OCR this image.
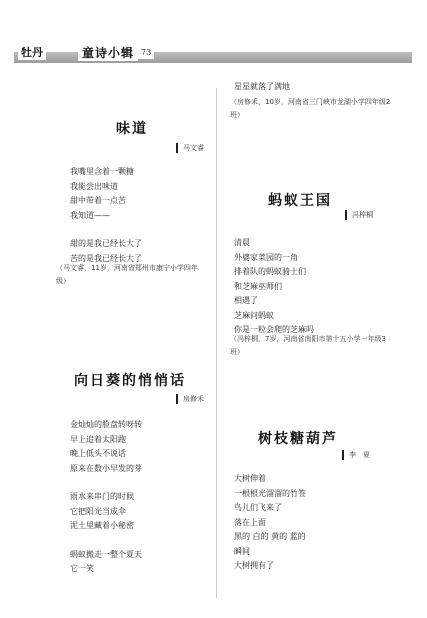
牡丹	童诗小辑 73
味道
马文睿
我嘴里含着一颗糖
我能尝出味道
甜中带着一点苦
我知道——
甜的是我已经长大了
苦的是我已经长大了
（马文睿，11岁，河南省郑州市康宁小学四年级）
向日葵的悄悄话
房修禾
金灿灿的脸盘转呀转
早上追着太阳跑
晚上低头不说话
原来在数小早发的芽
雨水来串门的时候
它把阳光当成伞
泥土里藏着小秘密
蚂蚁搬走一整个夏天
它一笑
星星就落了满地
（房修禾，10岁，河南省三门峡市龙湖小学四年级2班）
蚂蚁王国
冯梓桐
清晨
外婆家菜园的一角
排着队的蚂蚁骑士们
和芝麻巫师们
相遇了
芝麻问蚂蚁
你是一粒会爬的芝麻吗
（冯梓桐，7岁，河南省南阳市第十五小学一年级3班）
树枝糖葫芦
李　夏
大树伸着
一根根光溜溜的竹签
鸟儿们飞来了
落在上面
黑的 白的 黄的 蓝的
瞬间
大树拥有了
